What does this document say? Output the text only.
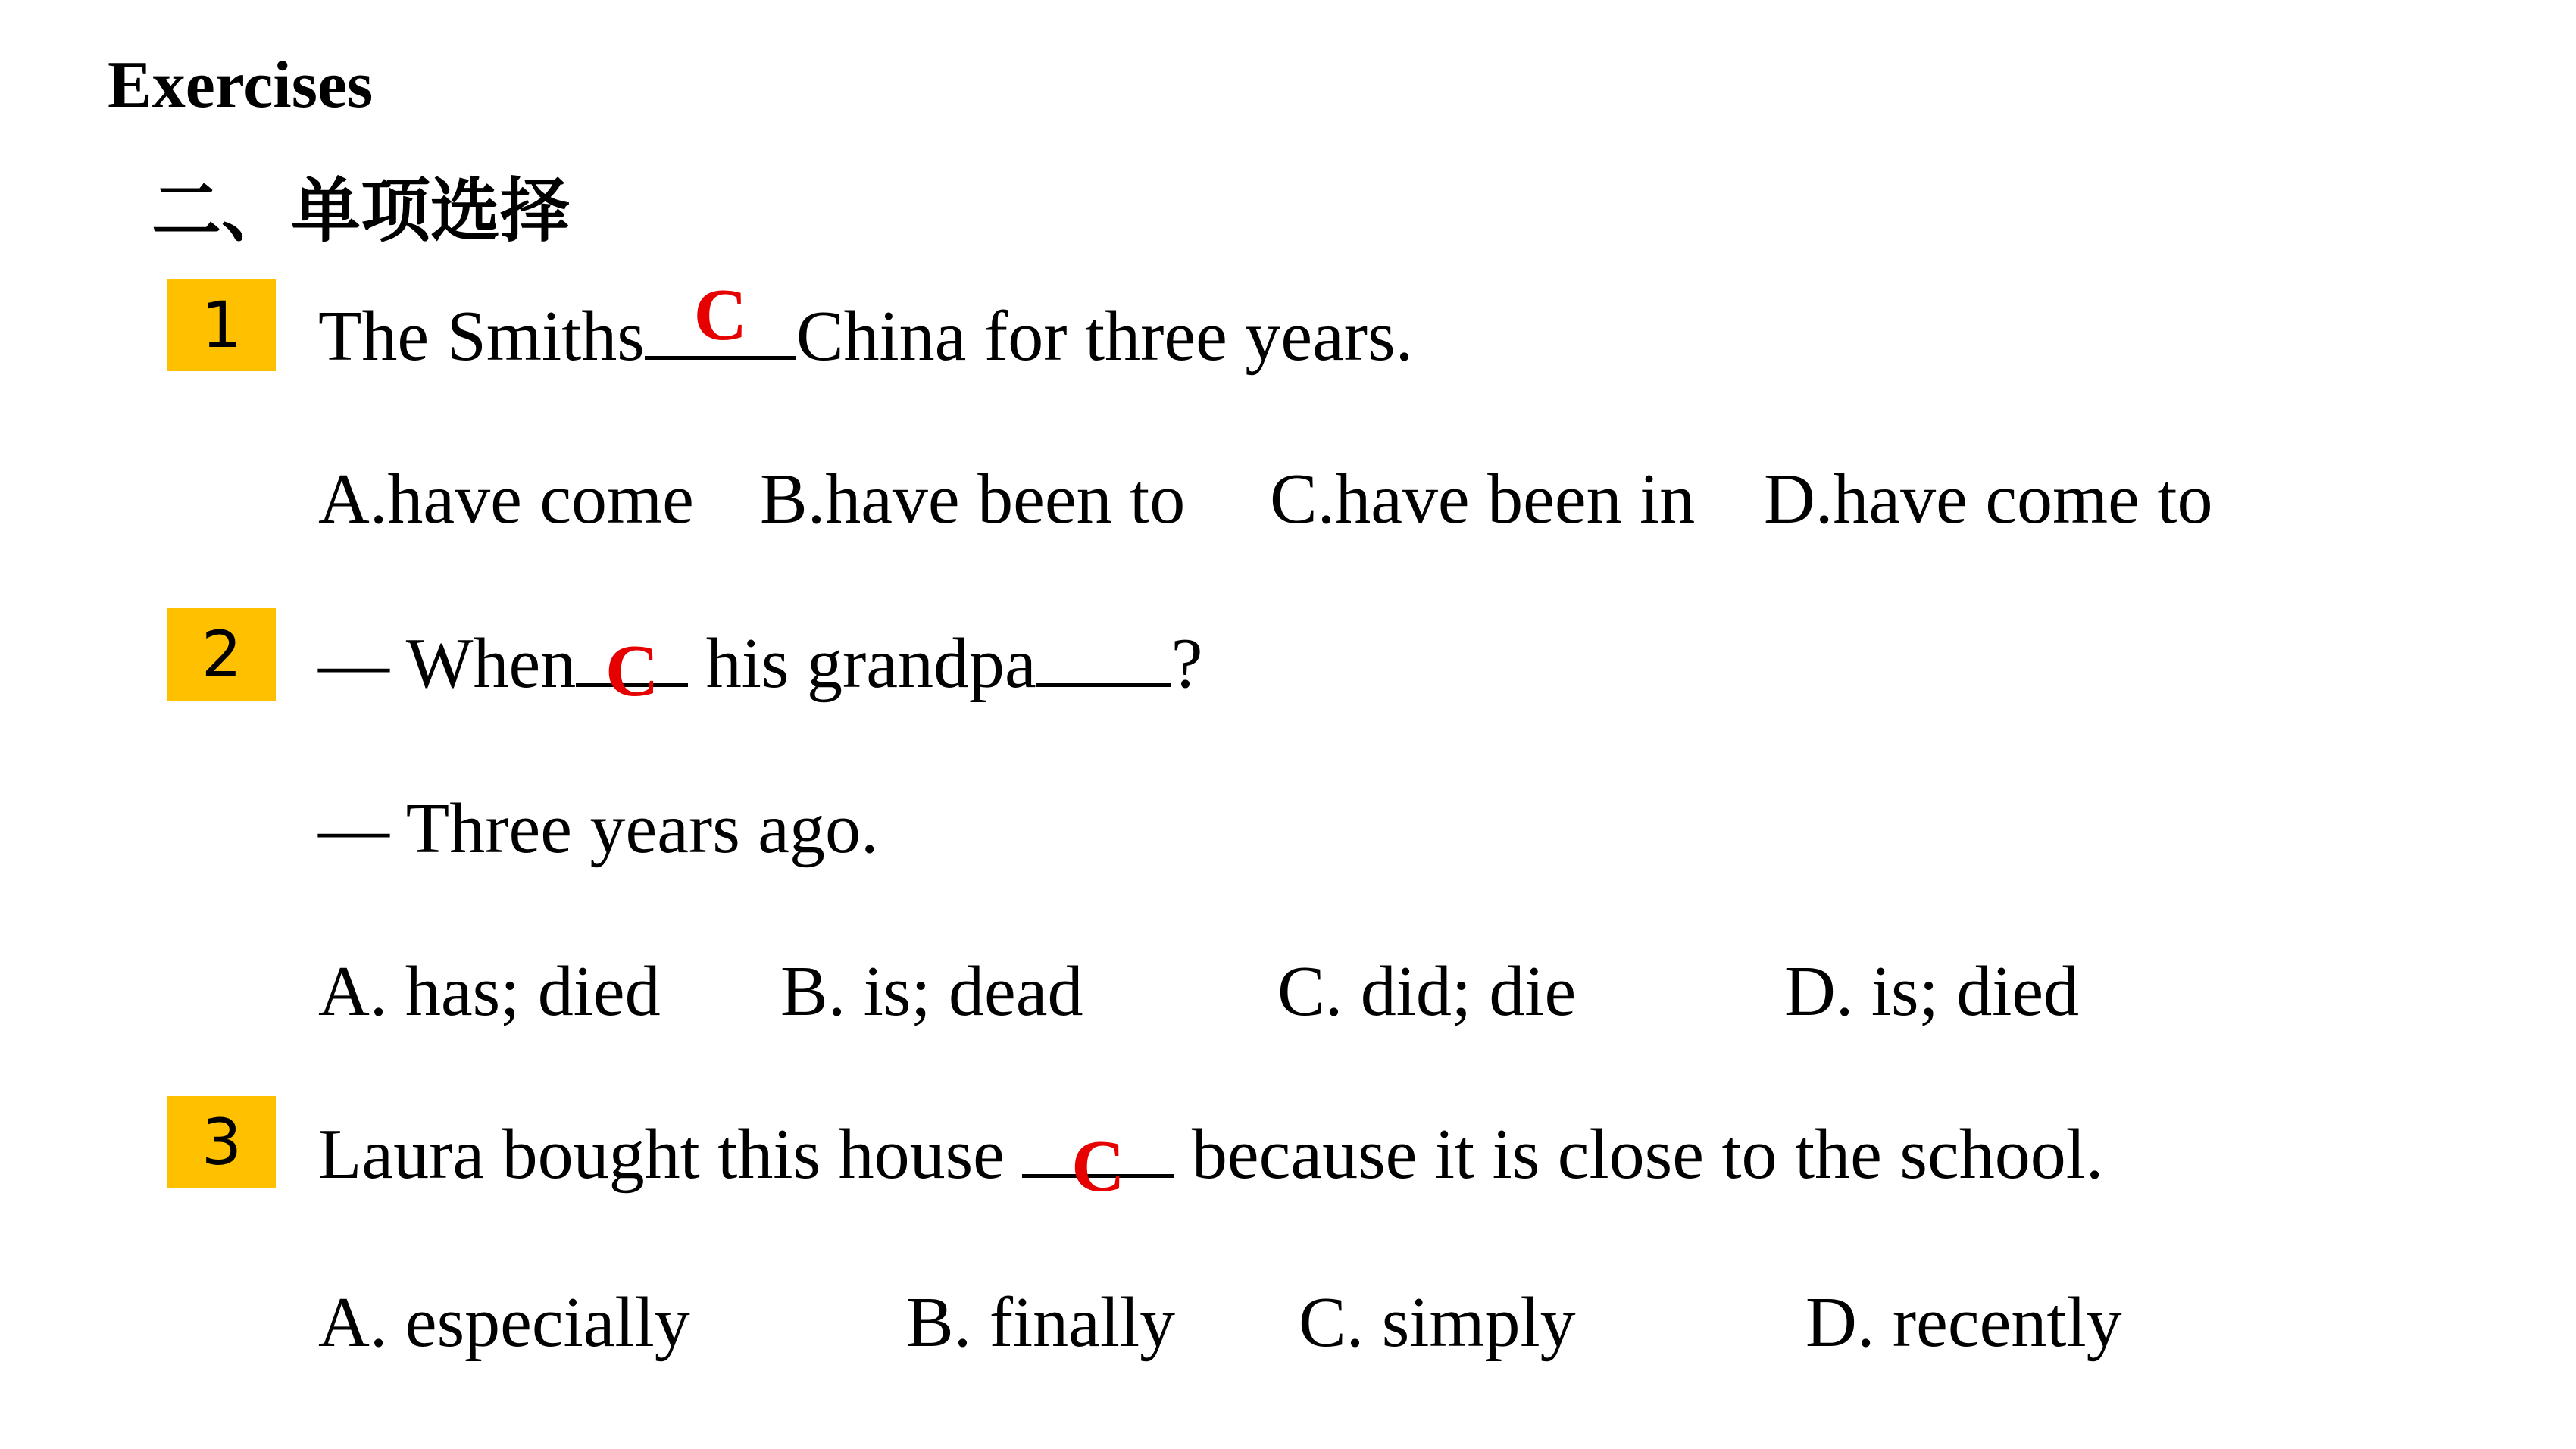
Exercises
二、单项选择
1	The Smiths C China for three years.
A.have come B.have been to C.have been in D.have come to
2	— When C his grandpa ?
— Three years ago.
A. has; died B. is; dead	C. did; die	D. is; died
3	Laura bought this house C because it is close to the school.
A. especially	B. finally C. simply	D. recently
